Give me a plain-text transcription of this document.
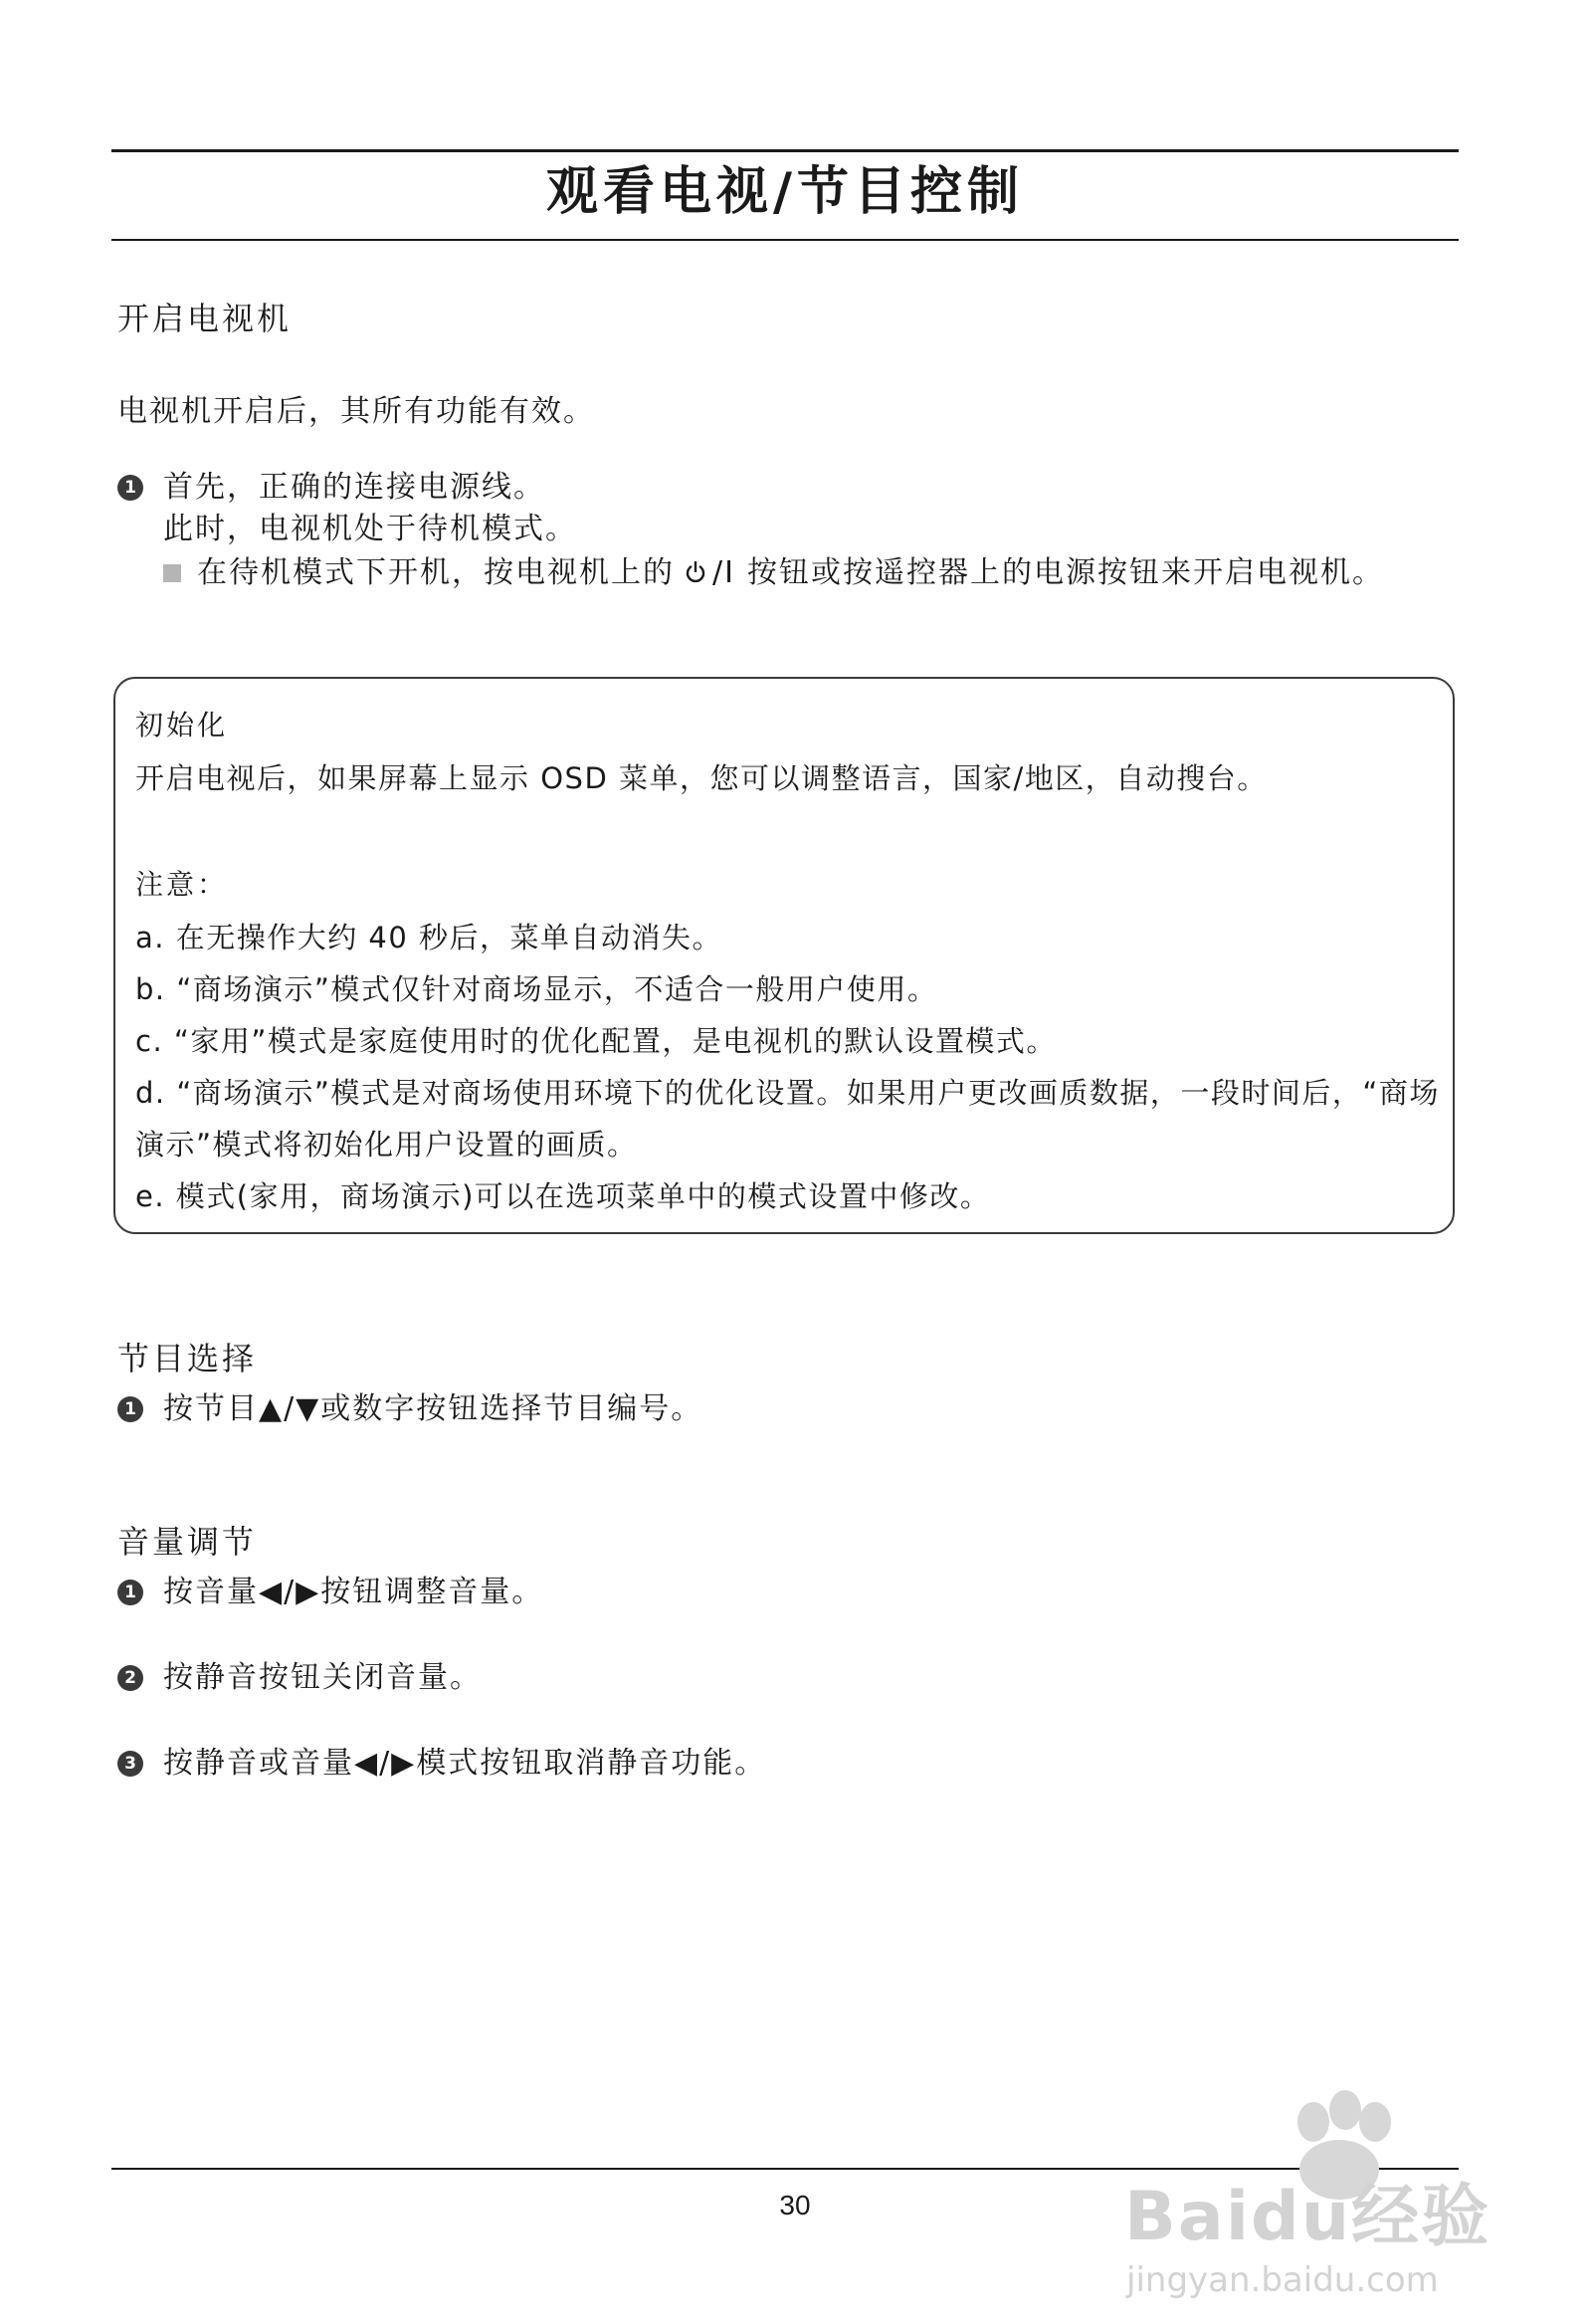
观看电视/节目控制
开启电视机
电视机开启后，其所有功能有效。
1 首先，正确的连接电源线。
此时，电视机处于待机模式。
在待机模式下开机，按电视机上的 /I 按钮或按遥控器上的电源按钮来开启电视机。
初始化
开启电视后，如果屏幕上显示 OSD 菜单，您可以调整语言，国家/地区，自动搜台。
注意：
a. 在无操作大约 40 秒后，菜单自动消失。
b. “商场演示”模式仅针对商场显示，不适合一般用户使用。
c. “家用”模式是家庭使用时的优化配置，是电视机的默认设置模式。
d. “商场演示”模式是对商场使用环境下的优化设置。如果用户更改画质数据，一段时间后，“商场
演示”模式将初始化用户设置的画质。
e. 模式(家用，商场演示)可以在选项菜单中的模式设置中修改。
节目选择
1 按节目▲/▼或数字按钮选择节目编号。
音量调节
1 按音量◀/▶按钮调整音量。
2 按静音按钮关闭音量。
3 按静音或音量◀/▶模式按钮取消静音功能。
30	Baidu经验
jingyan.baidu.com
